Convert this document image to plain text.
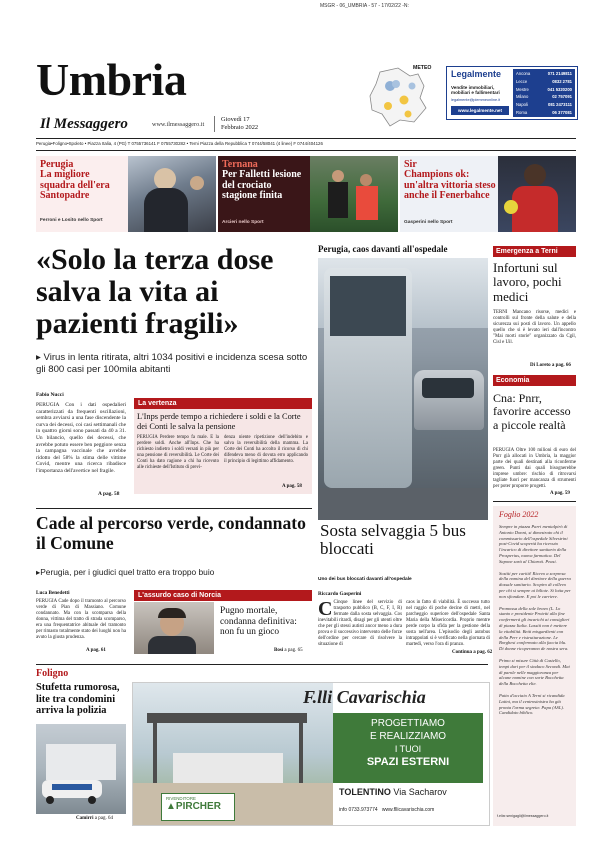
MSGR - 06_UMBRIA - 57 - 17/02/22 -N:
Umbria
Il Messaggero	www.ilmessaggero.it
Giovedì 17
Febbraio 2022
METEO
Legalmente
Vendite immobiliari,
mobiliari e fallimentari
legalmente@piemmeonline.it
www.legalmente.net
Ancona	071 2149811
Lecce	0832 2781
Mestre	041 5320200
Milano	02 757091
Napoli	081 2473111
Roma	06 377081
Perugia•Foligno•Spoleto • Piazza Italia, 4 (PG) T 0755736141 F 0755730282 • Terni Piazza della Repubblica T 0744/58041 (4 linee) F 0744/404126
Perugia
La migliore squadra dell'era Santopadre
Ferroni e Losito nello Sport
Ternana
Per Falletti lesione del crociato stagione finita
Arcieri nello Sport
Sir
Champions ok: un'altra vittoria steso anche il Fenerbahce
Gasperini nello Sport
«Solo la terza dose salva la vita ai pazienti fragili»
▸ Virus in lenta ritirata, altri 1034 positivi e incidenza scesa sotto gli 800 casi per 100mila abitanti
Fabio Nucci
PERUGIA Con i dati ospedalieri caratterizzati da frequenti oscillazioni, sembra avviarsi a una fase discendente la curva dei decessi, coi casi settimanali che in quattro giorni sono passati da 40 a 31. Un bilancio, quello dei decessi, che avrebbe potuto essere ben peggiore senza la campagna vaccinale che avrebbe ridotto del 58% la stima delle vittime Covid, mentre una ricerca ribadisce l'importanza dell'avertice nel fragile.
A pag. 58
La vertenza
L'Inps perde tempo a richiedere i soldi e la Corte dei Conti le salva la pensione
PERUGIA Perdere tempo fa male. E la perdere soldi. Anche all'Inps. Che ha richiesto indietro i soldi versati in più per una pensione di reversibilità. Le Corte dei Conti ha dato ragione a chi ha ricevuto alle richieste dell'Istituto di previ-
denza niente ripetizione dell'indebito e salva la reversibilità della mamma. La Corte dei Conti ha accolto il ricorso di chi difendeva meno di dovuta erro applicando il principio di legittimo affidamento.
A pag. 58
Perugia, caos davanti all'ospedale
Sosta selvaggia 5 bus bloccati
Uno dei bus bloccati davanti all'ospedale
Emergenza a Terni
Infortuni sul lavoro, pochi medici
TERNI Mancano risorse, medici e controlli sul fronte della salute e della sicurezza sui posti di lavoro. Un appello quello che si è levato ieri dall'incontro "Mai morti storie" organizzato da Cgil, Cisl e Uil.
Di Loreto a pag. 66
Economia
Cna: Pnrr, favorire accesso a piccole realtà
PERUGIA Oltre 100 milioni di euro del Pnrr già allocati in Umbria, la maggior parte dei quali destinati alla riconferme green. Punti dai quali bisognerebbe imprese umbre: rischio di ritrovarsi tagliate fuori per mancanza di strumenti per poter proporre progetti.
A pag. 59
Foglio 2022
Sempre in piazza Parri mentalpirò di Antonio Donni, si dimestrato chi il commissario dell'ospedale Silvestrini post-Covid scopertà ha ricevuto l'incarico di direttore sanitario della Prosperius, nuova farmatica. Del Sapone sarà al Chiaroti. Peasi.
Sostiti per carità! Ricevo a sorpresa della nomina del direttore della guerra dossale sanitario. Scopiro di collevo per chi si sempre ai biliote. Si lotta per non sfiondare. E poi le carriere.
Promossa della sole bravo (L. Lo stanto e presidente Proietti alla fine confermerà gli incarichi ai consiglieri di piazza Italia. Lassiti non è mettere la vitabilità. Betti misgardienti con della Perr e ristrutturazione. Le Borghesi confermato alla faccia blu. Di donne ricoperanno de nostra sera.
Primo si misure Città di Castello, tempi duri per il sindaco Secondi. Mai di parole nelle maggioranza per alcune nomine con sorte Bocchetta della Bocchetta elte.
Patto d'acciaio A Terni si ricandida Latini, ma il centrosinistra ha già pronta l'arma segreta: Papa (ASL). Candidato biblico.
f.elixr.senigagli@ilmessaggero.it
Cade al percorso verde, condannato il Comune
▸Perugia, per i giudici quel tratto era troppo buio
Luca Benedetti
PERUGIA Cade dopo il tramonto al percorso verde di Pian di Massiano. Comune condannato. Ma con la scomparsa della donna, vittima del tratto di strada scomparso, era una frequentatrice abituale del tramonto per rimasto totalmente stato dei luoghi non ha avuto la giusta prudenza.
A pag. 61
L'assurdo caso di Norcia
Pugno mortale, condanna definitiva: non fu un gioco
Bosi a pag. 65
Riccardo Gasperini
C Cinque linee del servizio di trasporto pubblico (B, C, F, I, R) fermate dalla sosta selvaggia. Cos inevitabili ritardi, disagi per gli utenti oltre che per gli stessi autisti ancor meno a dura prova e il successivo intervento delle forze dell'ordine per cercare di risolvere la situazione di
caos in fatto di viabilità. È successo tutto nel raggio di poche decine di metri, nel parcheggio superiore dell'ospedale Santa Maria della Misericordia. Proprio mentre perde corpo la sfida per la gestione della sosta nell'area. L'episodio degli autobus intrappolati si è verificato nella giornata di martedì, verso l'ora di pranzo.
Continua a pag. 62
Foligno
Stufetta rumorosa, lite tra condomini arriva la polizia
Camirri a pag. 64
F.lli Cavarischia
PROGETTIAMO
E REALIZZIAMO
I TUOI
SPAZI ESTERNI
RIVENDITORE
▲PIRCHER
TOLENTINO Via Sacharov
info 0733.973774 www.fllicavarischia.com
